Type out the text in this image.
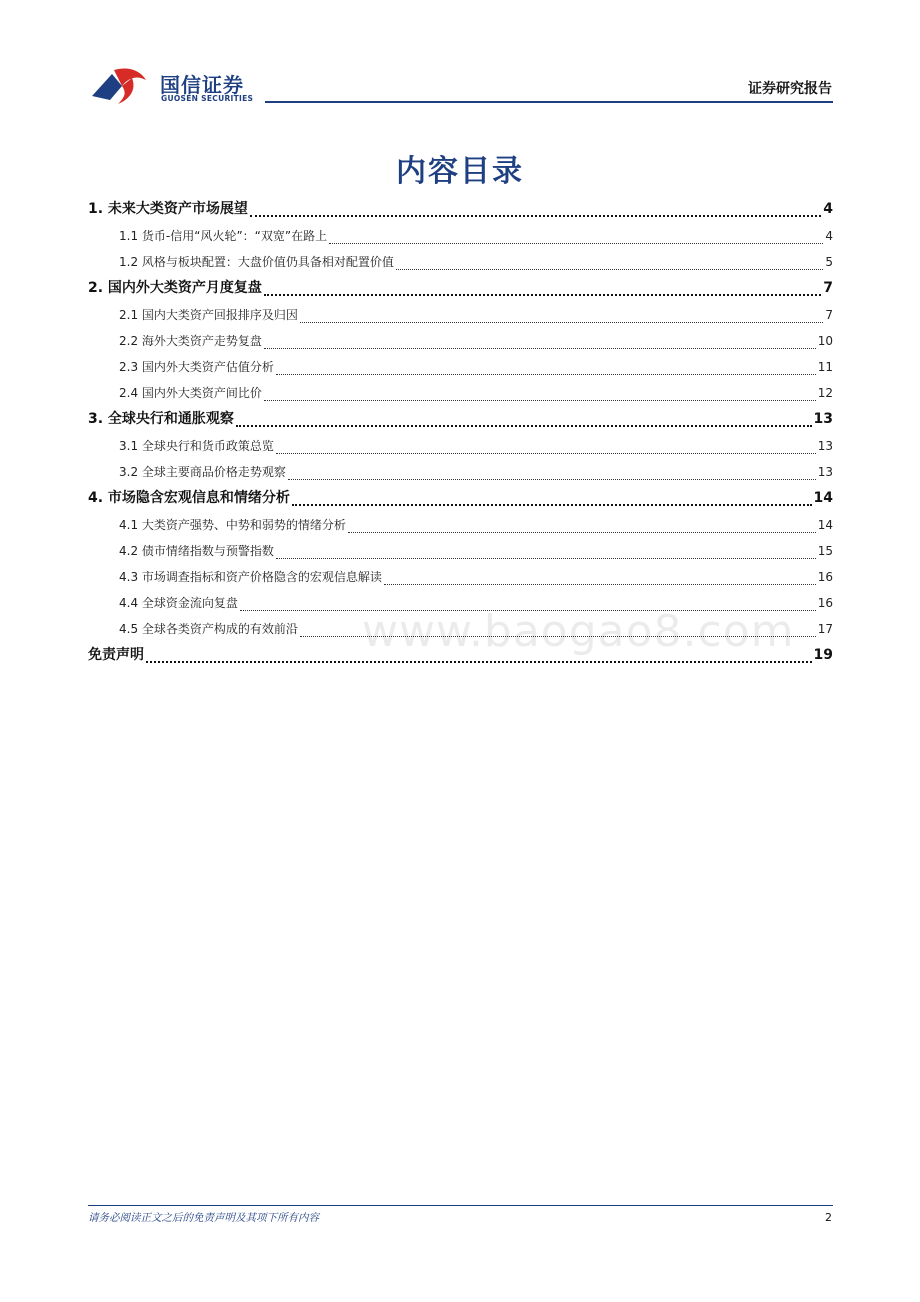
国信证券
GUOSEN SECURITIES
证券研究报告
内容目录
1. 未来大类资产市场展望	4
1.1 货币-信用“风火轮”：“双宽”在路上	4
1.2 风格与板块配置：大盘价值仍具备相对配置价值	5
2. 国内外大类资产月度复盘	7
2.1 国内大类资产回报排序及归因	7
2.2 海外大类资产走势复盘	10
2.3 国内外大类资产估值分析	11
2.4 国内外大类资产间比价	12
3. 全球央行和通胀观察	13
3.1 全球央行和货币政策总览	13
3.2 全球主要商品价格走势观察	13
4. 市场隐含宏观信息和情绪分析	14
4.1 大类资产强势、中势和弱势的情绪分析	14
4.2 债市情绪指数与预警指数	15
4.3 市场调查指标和资产价格隐含的宏观信息解读	16
4.4 全球资金流向复盘	16
4.5 全球各类资产构成的有效前沿	17
免责声明	19
www.baogao8.com
请务必阅读正文之后的免责声明及其项下所有内容	2
